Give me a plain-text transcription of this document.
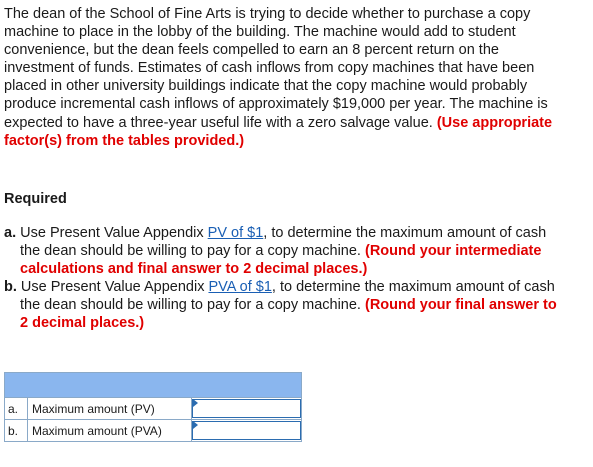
The dean of the School of Fine Arts is trying to decide whether to purchase a copy machine to place in the lobby of the building. The machine would add to student convenience, but the dean feels compelled to earn an 8 percent return on the investment of funds. Estimates of cash inflows from copy machines that have been placed in other university buildings indicate that the copy machine would probably produce incremental cash inflows of approximately $19,000 per year. The machine is expected to have a three-year useful life with a zero salvage value. (Use appropriate factor(s) from the tables provided.)
Required
a. Use Present Value Appendix PV of $1, to determine the maximum amount of cash the dean should be willing to pay for a copy machine. (Round your intermediate calculations and final answer to 2 decimal places.)
b. Use Present Value Appendix PVA of $1, to determine the maximum amount of cash the dean should be willing to pay for a copy machine. (Round your final answer to 2 decimal places.)

a.	Maximum amount (PV)	

b.	Maximum amount (PVA)	
